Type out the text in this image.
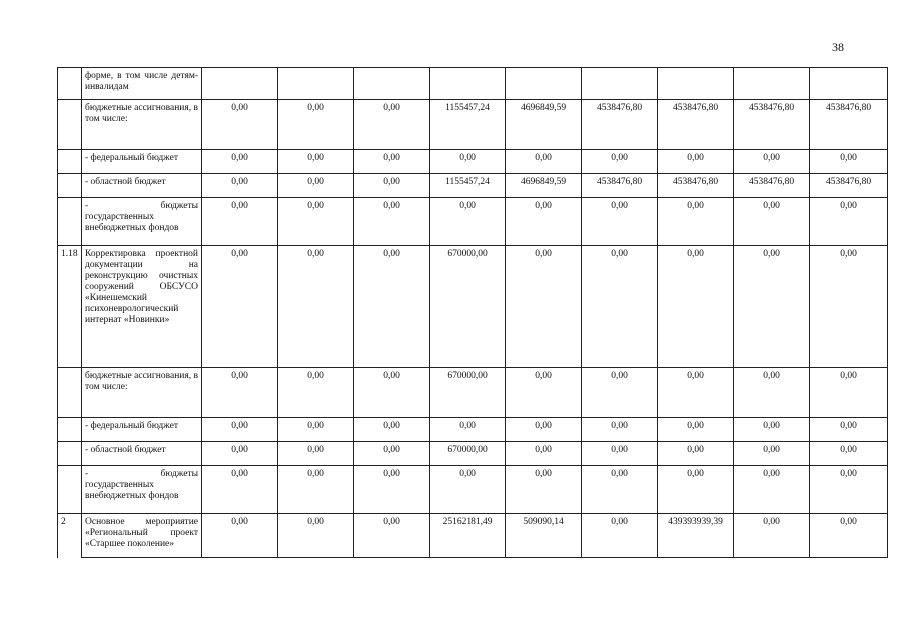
38
	форме, в том числе детям-инвалидам									
	бюджетные ассигнования, в том числе:	0,00	0,00	0,00	1155457,24	4696849,59	4538476,80	4538476,80	4538476,80	4538476,80
	- федеральный бюджет	0,00	0,00	0,00	0,00	0,00	0,00	0,00	0,00	0,00
	- областной бюджет	0,00	0,00	0,00	1155457,24	4696849,59	4538476,80	4538476,80	4538476,80	4538476,80
	- бюджеты государственных внебюджетных фондов	0,00	0,00	0,00	0,00	0,00	0,00	0,00	0,00	0,00
1.18	Корректировка проектной документации на реконструкцию очистных сооружений ОБСУСО «Кинешемский психоневрологический интернат «Новинки»	0,00	0,00	0,00	670000,00	0,00	0,00	0,00	0,00	0,00
	бюджетные ассигнования, в том числе:	0,00	0,00	0,00	670000,00	0,00	0,00	0,00	0,00	0,00
	- федеральный бюджет	0,00	0,00	0,00	0,00	0,00	0,00	0,00	0,00	0,00
	- областной бюджет	0,00	0,00	0,00	670000,00	0,00	0,00	0,00	0,00	0,00
	- бюджеты государственных внебюджетных фондов	0,00	0,00	0,00	0,00	0,00	0,00	0,00	0,00	0,00
2	Основное мероприятие «Региональный проект «Старшее поколение»	0,00	0,00	0,00	25162181,49	509090,14	0,00	439393939,39	0,00	0,00
